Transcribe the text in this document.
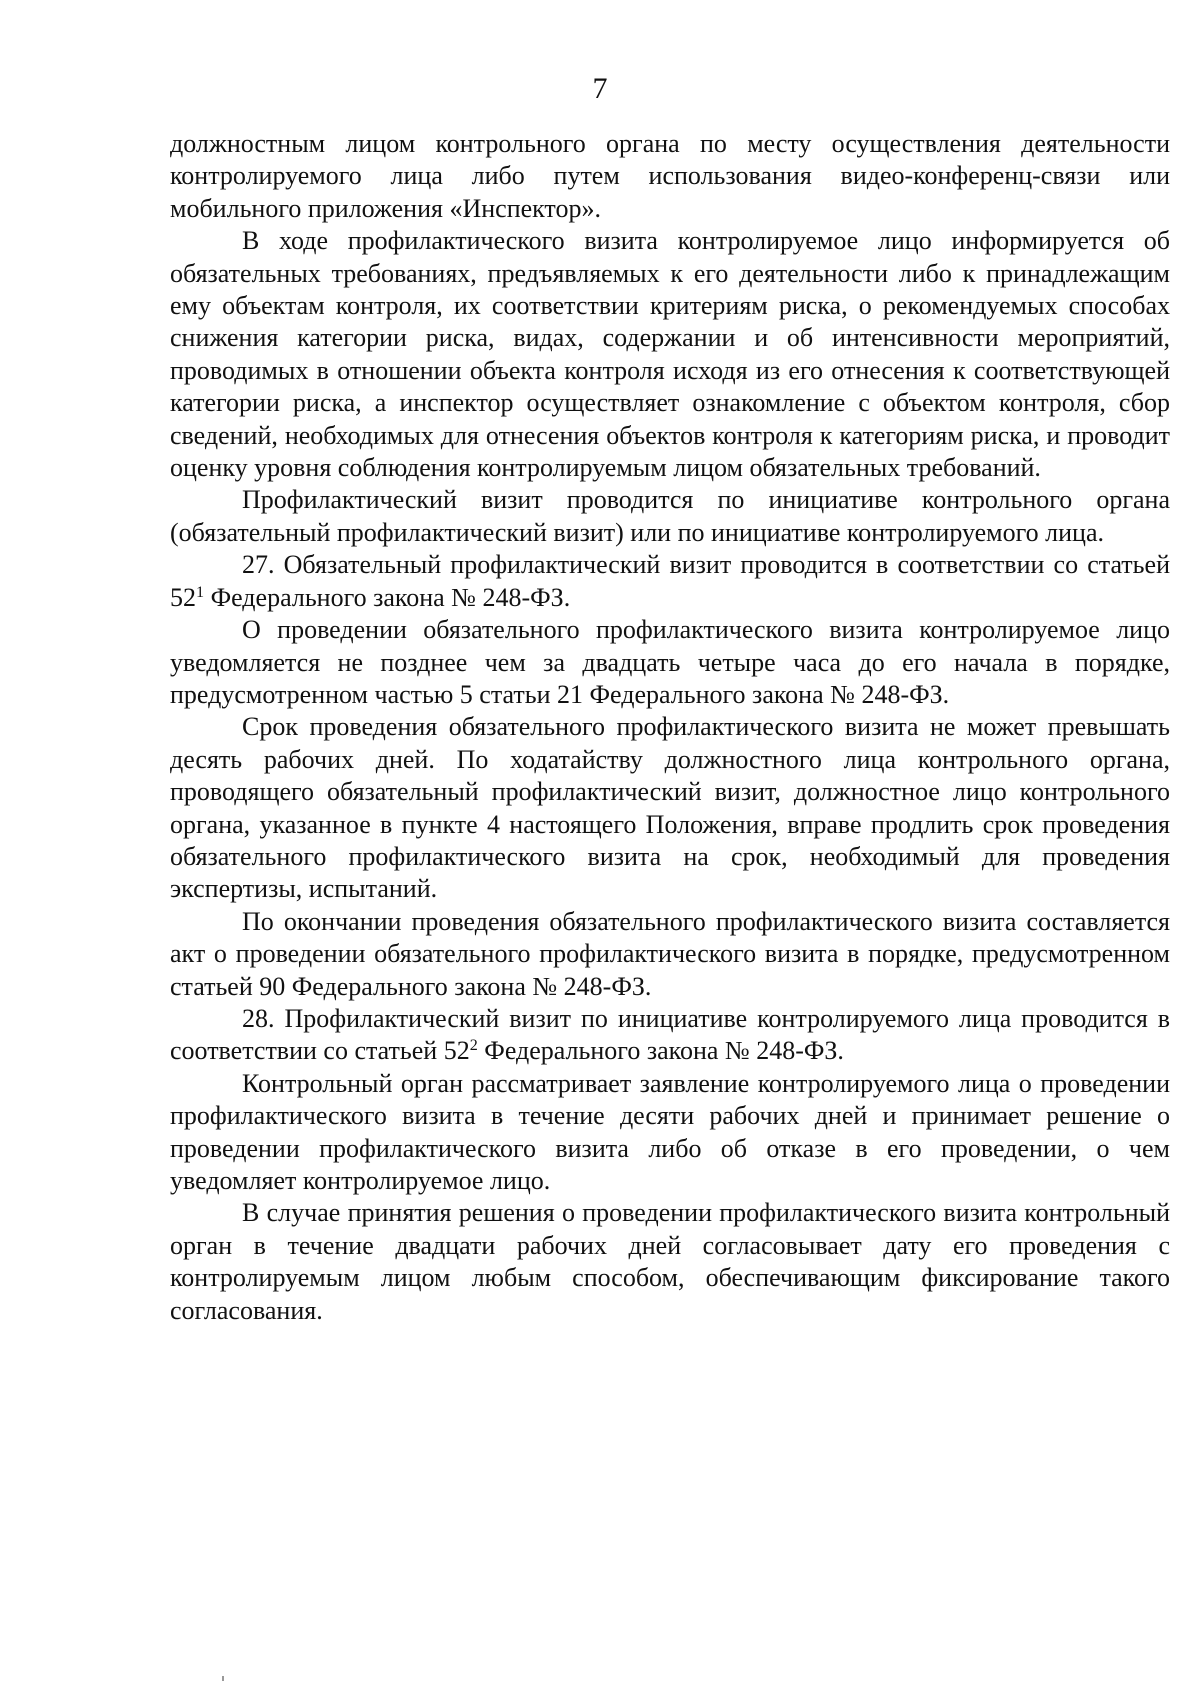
7

должностным лицом контрольного органа по месту осуществления деятельности контролируемого лица либо путем использования видео-конференц-связи или мобильного приложения «Инспектор».

В ходе профилактического визита контролируемое лицо информируется об обязательных требованиях, предъявляемых к его деятельности либо к принадлежащим ему объектам контроля, их соответствии критериям риска, о рекомендуемых способах снижения категории риска, видах, содержании и об интенсивности мероприятий, проводимых в отношении объекта контроля исходя из его отнесения к соответствующей категории риска, а инспектор осуществляет ознакомление с объектом контроля, сбор сведений, необходимых для отнесения объектов контроля к категориям риска, и проводит оценку уровня соблюдения контролируемым лицом обязательных требований.

Профилактический визит проводится по инициативе контрольного органа (обязательный профилактический визит) или по инициативе контролируемого лица.

27. Обязательный профилактический визит проводится в соответствии со статьей $52^1$ Федерального закона № 248-ФЗ.

О проведении обязательного профилактического визита контролируемое лицо уведомляется не позднее чем за двадцать четыре часа до его начала в порядке, предусмотренном частью 5 статьи 21 Федерального закона № 248-ФЗ.

Срок проведения обязательного профилактического визита не может превышать десять рабочих дней. По ходатайству должностного лица контрольного органа, проводящего обязательный профилактический визит, должностное лицо контрольного органа, указанное в пункте 4 настоящего Положения, вправе продлить срок проведения обязательного профилактического визита на срок, необходимый для проведения экспертизы, испытаний.

По окончании проведения обязательного профилактического визита составляется акт о проведении обязательного профилактического визита в порядке, предусмотренном статьей 90 Федерального закона № 248-ФЗ.

28. Профилактический визит по инициативе контролируемого лица проводится в соответствии со статьей $52^2$ Федерального закона № 248-ФЗ.

Контрольный орган рассматривает заявление контролируемого лица о проведении профилактического визита в течение десяти рабочих дней и принимает решение о проведении профилактического визита либо об отказе в его проведении, о чем уведомляет контролируемое лицо.

В случае принятия решения о проведении профилактического визита контрольный орган в течение двадцати рабочих дней согласовывает дату его проведения с контролируемым лицом любым способом, обеспечивающим фиксирование такого согласования.
